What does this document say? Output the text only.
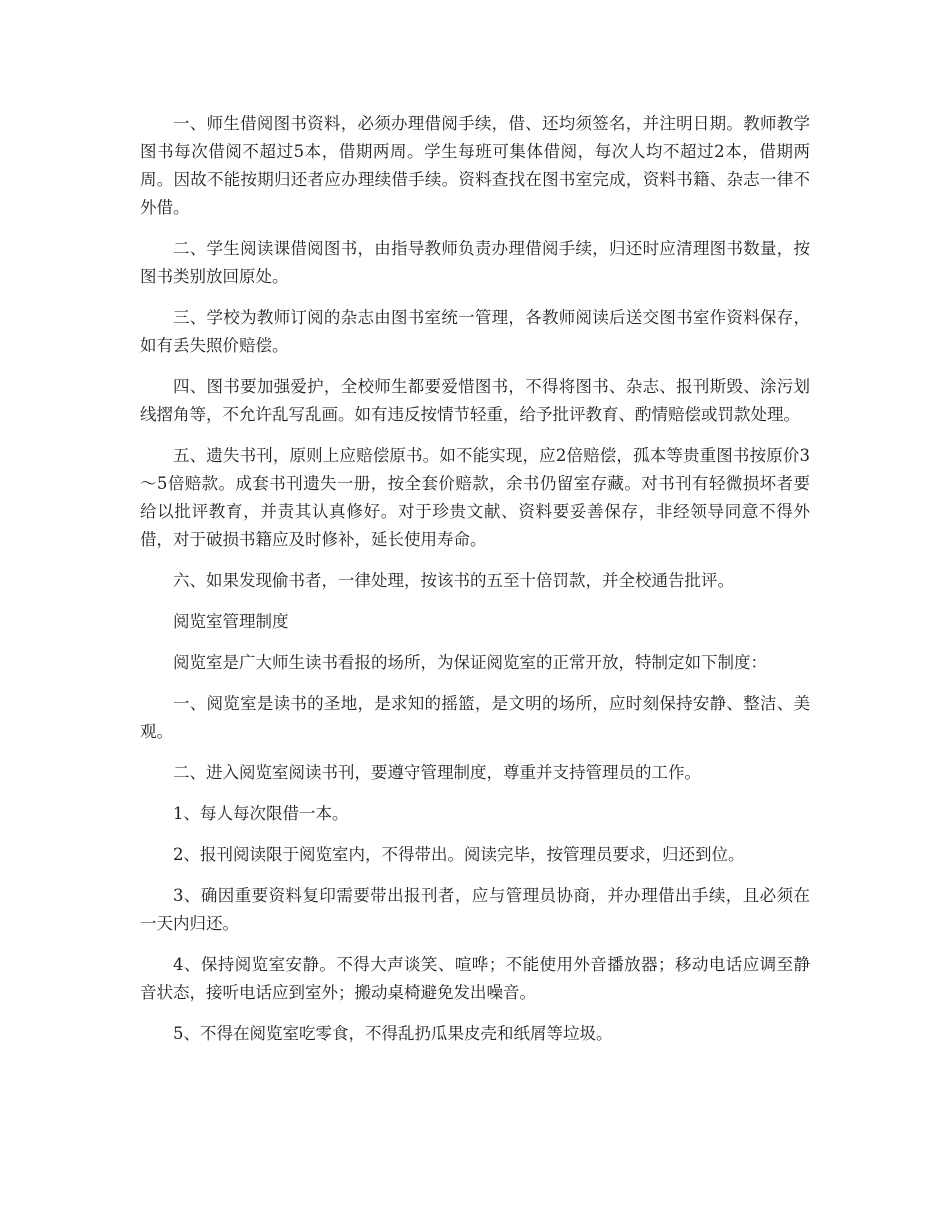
一、师生借阅图书资料，必须办理借阅手续，借、还均须签名，并注明日期。教师教学图书每次借阅不超过5本，借期两周。学生每班可集体借阅，每次人均不超过2本，借期两周。因故不能按期归还者应办理续借手续。资料查找在图书室完成，资料书籍、杂志一律不外借。

二、学生阅读课借阅图书，由指导教师负责办理借阅手续，归还时应清理图书数量，按图书类别放回原处。

三、学校为教师订阅的杂志由图书室统一管理，各教师阅读后送交图书室作资料保存，如有丢失照价赔偿。

四、图书要加强爱护，全校师生都要爱惜图书，不得将图书、杂志、报刊斯毁、涂污划线摺角等，不允许乱写乱画。如有违反按情节轻重，给予批评教育、酌情赔偿或罚款处理。

五、遗失书刊，原则上应赔偿原书。如不能实现，应2倍赔偿，孤本等贵重图书按原价3～5倍赔款。成套书刊遗失一册，按全套价赔款，余书仍留室存藏。对书刊有轻微损坏者要给以批评教育，并责其认真修好。对于珍贵文献、资料要妥善保存，非经领导同意不得外借，对于破损书籍应及时修补，延长使用寿命。

六、如果发现偷书者，一律处理，按该书的五至十倍罚款，并全校通告批评。

阅览室管理制度

阅览室是广大师生读书看报的场所，为保证阅览室的正常开放，特制定如下制度：

一、阅览室是读书的圣地，是求知的摇篮，是文明的场所，应时刻保持安静、整洁、美观。

二、进入阅览室阅读书刊，要遵守管理制度，尊重并支持管理员的工作。

1、每人每次限借一本。

2、报刊阅读限于阅览室内，不得带出。阅读完毕，按管理员要求，归还到位。

3、确因重要资料复印需要带出报刊者，应与管理员协商，并办理借出手续，且必须在一天内归还。

4、保持阅览室安静。不得大声谈笑、喧哗；不能使用外音播放器；移动电话应调至静音状态，接听电话应到室外；搬动桌椅避免发出噪音。

5、不得在阅览室吃零食，不得乱扔瓜果皮壳和纸屑等垃圾。
